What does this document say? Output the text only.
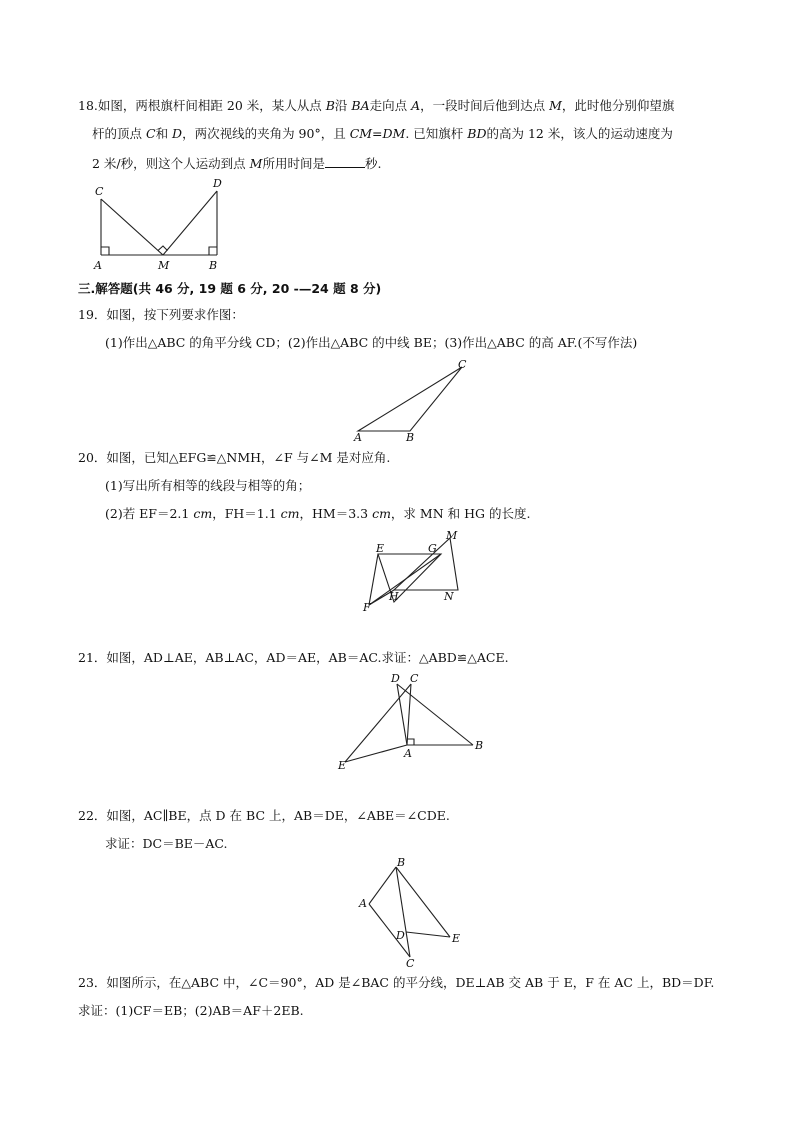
18.如图，两根旗杆间相距 20 米，某人从点 B沿 BA走向点 A，一段时间后他到达点 M，此时他分别仰望旗
杆的顶点 C和 D，两次视线的夹角为 90°，且 CM=DM. 已知旗杆 BD的高为 12 米，该人的运动速度为
2 米/秒，则这个人运动到点 M所用时间是	秒.
C
D
A	M	B
三.解答题(共 46 分, 19 题 6 分, 20 -—24 题 8 分)
19．如图，按下列要求作图：
(1)作出△ABC 的角平分线 CD；(2)作出△ABC 的中线 BE；(3)作出△ABC 的高 AF.(不写作法)
C
A	B
20．如图，已知△EFG≌△NMH，∠F 与∠M 是对应角.
(1)写出所有相等的线段与相等的角；
(2)若 EF＝2.1 cm，FH＝1.1 cm，HM＝3.3 cm，求 MN 和 HG 的长度.
E	G
M
F
H	N
21．如图，AD⊥AE，AB⊥AC，AD＝AE，AB＝AC.求证：△ABD≌△ACE.
D C
A
B
E
22．如图，AC∥BE，点 D 在 BC 上，AB＝DE，∠ABE＝∠CDE.
求证：DC＝BE－AC.
B
A
D	E
C
23．如图所示，在△ABC 中，∠C＝90°，AD 是∠BAC 的平分线，DE⊥AB 交 AB 于 E，F 在 AC 上，BD＝DF.
求证：(1)CF＝EB；(2)AB＝AF＋2EB.
